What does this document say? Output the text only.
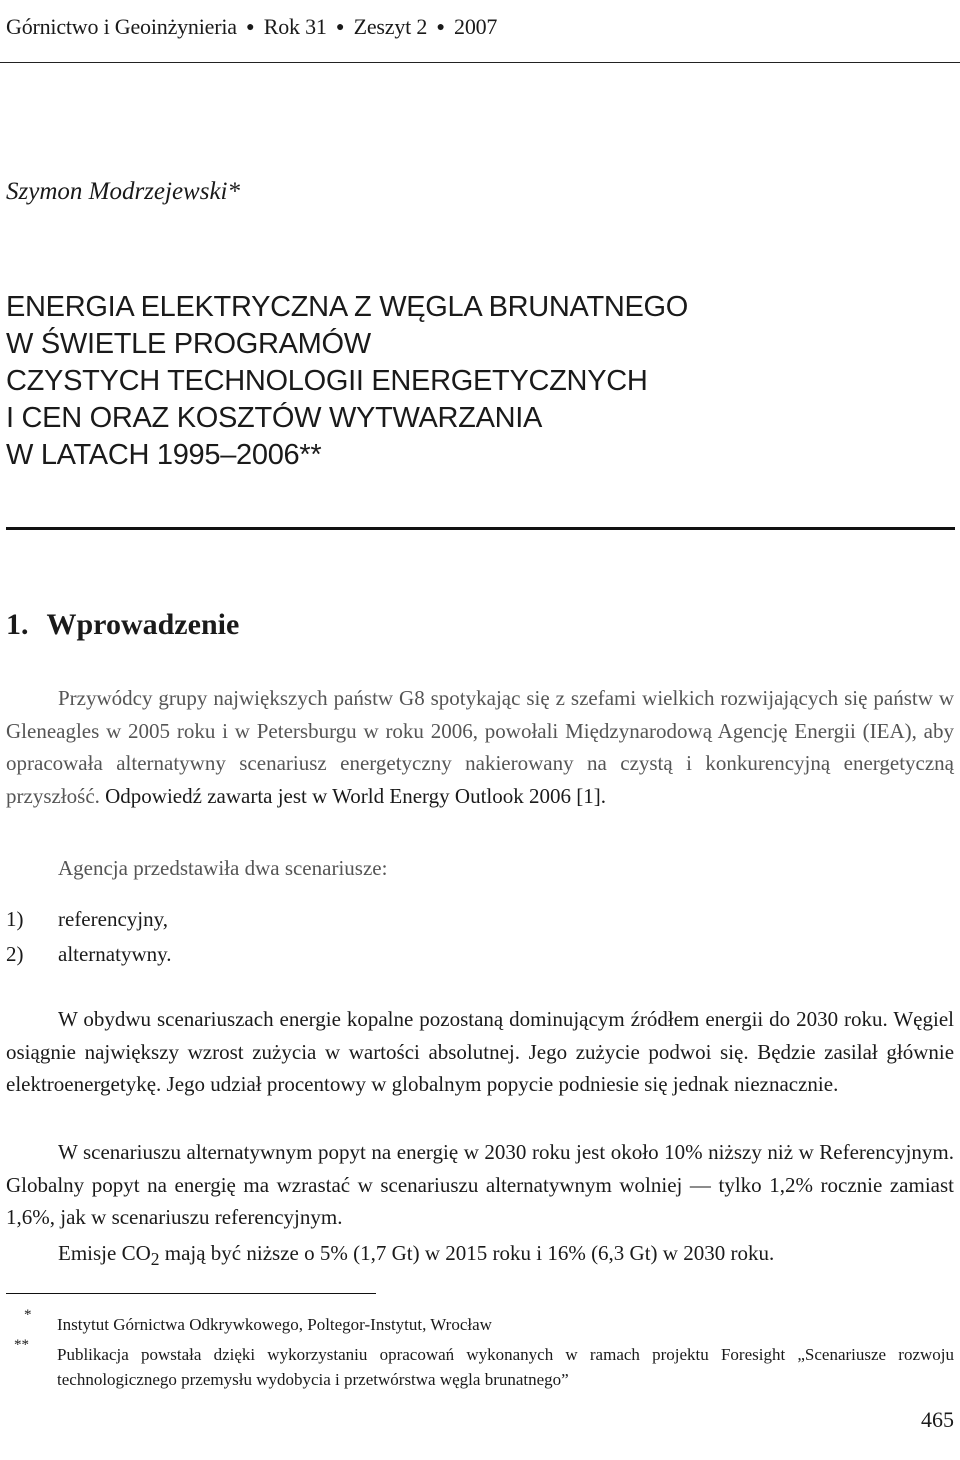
Górnictwo i Geoinżynieria ● Rok 31 ● Zeszyt 2 ● 2007
Szymon Modrzejewski*
ENERGIA ELEKTRYCZNA Z WĘGLA BRUNATNEGO
W ŚWIETLE PROGRAMÓW
CZYSTYCH TECHNOLOGII ENERGETYCZNYCH
I CEN ORAZ KOSZTÓW WYTWARZANIA
W LATACH 1995–2006**
1. Wprowadzenie
Przywódcy grupy największych państw G8 spotykając się z szefami wielkich rozwijających się państw w Gleneagles w 2005 roku i w Petersburgu w roku 2006, powołali Międzynarodową Agencję Energii (IEA), aby opracowała alternatywny scenariusz energetyczny nakierowany na czystą i konkurencyjną energetyczną przyszłość. Odpowiedź zawarta jest w World Energy Outlook 2006 [1].
Agencja przedstawiła dwa scenariusze:
1) referencyjny,
2) alternatywny.
W obydwu scenariuszach energie kopalne pozostaną dominującym źródłem energii do 2030 roku. Węgiel osiągnie największy wzrost zużycia w wartości absolutnej. Jego zużycie podwoi się. Będzie zasilał głównie elektroenergetykę. Jego udział procentowy w globalnym popycie podniesie się jednak nieznacznie.
W scenariuszu alternatywnym popyt na energię w 2030 roku jest około 10% niższy niż w Referencyjnym. Globalny popyt na energię ma wzrastać w scenariuszu alternatywnym wolniej — tylko 1,2% rocznie zamiast 1,6%, jak w scenariuszu referencyjnym.
Emisje $CO_2$ mają być niższe o 5% (1,7 Gt) w 2015 roku i 16% (6,3 Gt) w 2030 roku.
*	Instytut Górnictwa Odkrywkowego, Poltegor-Instytut, Wrocław
**	Publikacja powstała dzięki wykorzystaniu opracowań wykonanych w ramach projektu Foresight „Scenariusze rozwoju technologicznego przemysłu wydobycia i przetwórstwa węgla brunatnego”
465
